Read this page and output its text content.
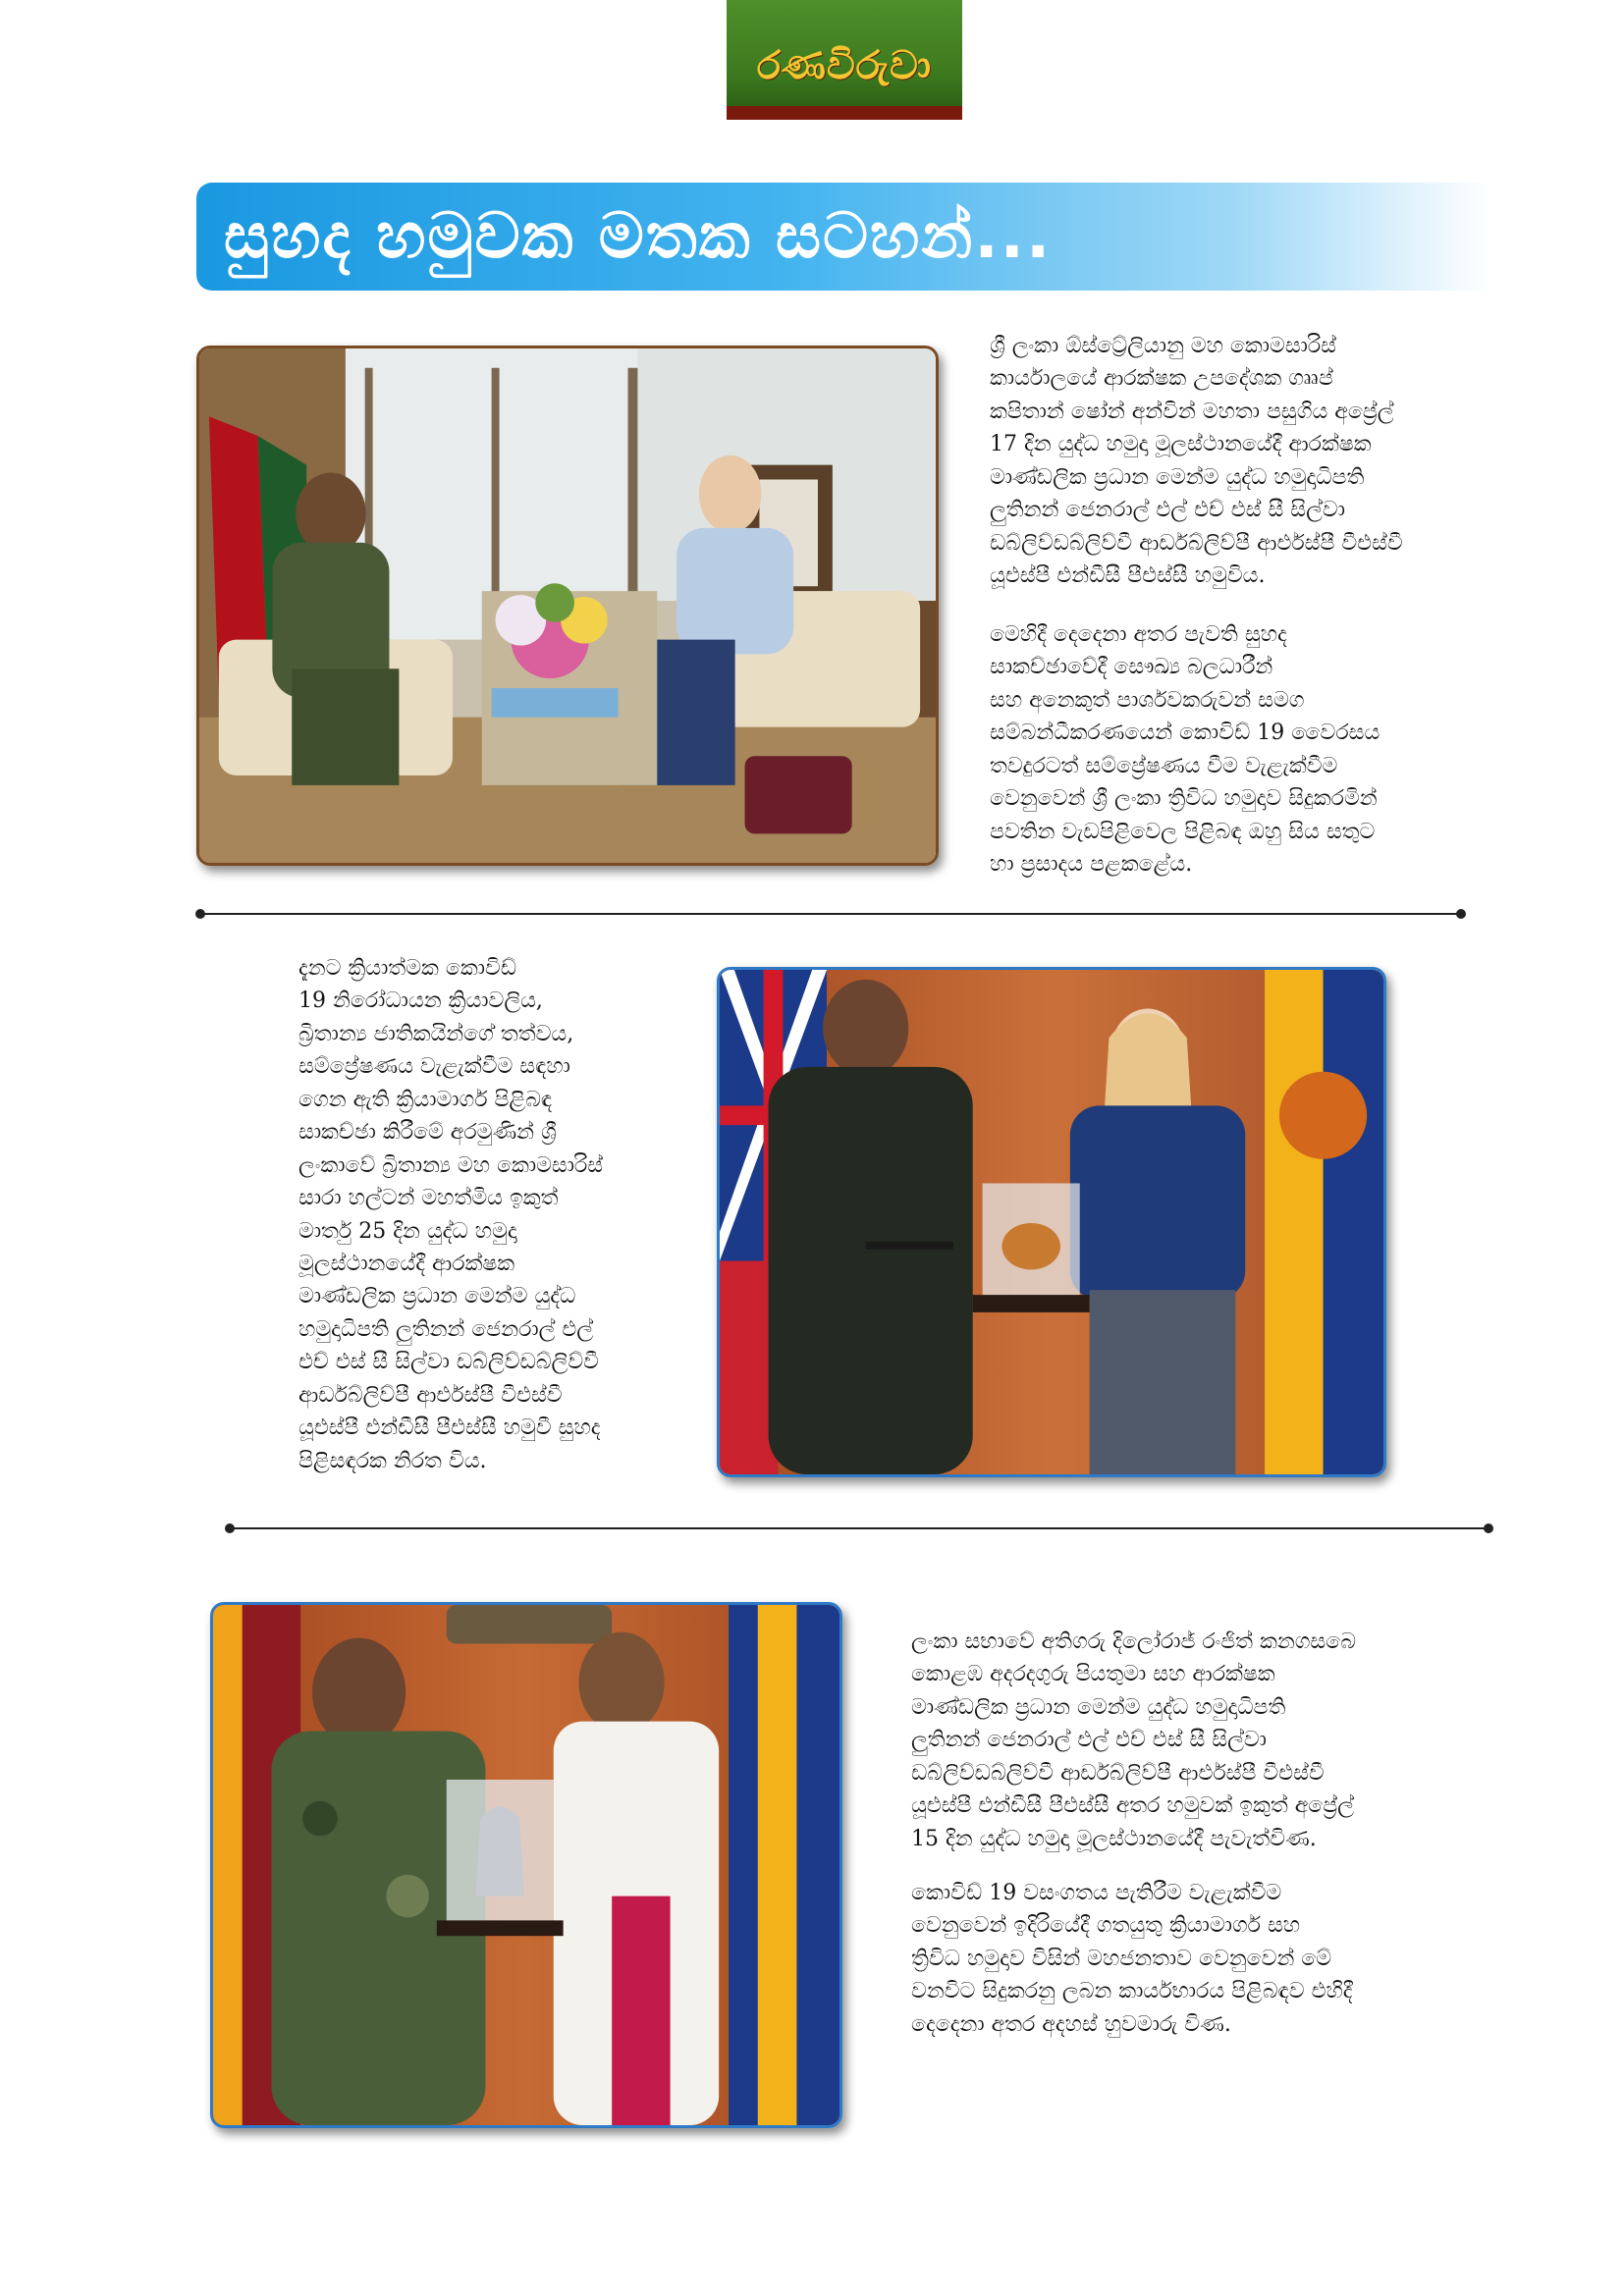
රණවිරුවා
සුහද හමුවක මතක සටහන්...
ශ්‍රී ලංකා ඕස්ට්‍රේලියානු මහ කොමසාරිස්
කාර්යාලයේ ආරක්ෂක උපදේශක ගෲප්
කපිතාන් ෂෝන් අන්වින් මහතා පසුගිය අප්‍රේල්
17 දින යුද්ධ හමුදා මූලස්ථානයේදී ආරක්ෂක
මාණ්ඩලික ප්‍රධාන මෙන්ම යුද්ධ හමුදාධිපති
ලුතිනන් ජෙනරාල් එල් එච් එස් සී සිල්වා
ඩබ්ලිව්ඩබ්ලිව්වී ආර්ඩබ්ලිව්පී ආර්එස්පී වීඑස්වී
යූඑස්පී එන්ඩීසී පීඑස්සී හමුවිය.
මෙහිදී දෙදෙනා අතර පැවති සුහද
සාකච්ඡාවේදී සෞඛ්‍ය බලධාරීන්
සහ අනෙකුත් පාර්ශවකරුවන් සමග
සම්බන්ධීකරණයෙන් කොවිඩ් 19 වෛරසය
තවදුරටත් සම්ප්‍රේෂණය වීම වැළැක්වීම
වෙනුවෙන් ශ්‍රී ලංකා ත්‍රිවිධ හමුදාව සිදුකරමින්
පවතින වැඩපිළිවෙල පිළිබඳ ඔහු සිය සතුට
හා ප්‍රසාදය පළකළේය.
දැනට ක්‍රියාත්මක කොවිඩ්
19 නිරෝධායන ක්‍රියාවලිය,
බ්‍රිතාන්‍ය ජාතිකයින්ගේ තත්වය,
සම්ප්‍රේෂණය වැළැක්වීම සඳහා
ගෙන ඇති ක්‍රියාමාර්ග පිළිබඳ
සාකච්ඡා කිරීමේ අරමුණින් ශ්‍රී
ලංකාවේ බ්‍රිතාන්‍ය මහ කොමසාරිස්
සාරා හල්ටන් මහත්මිය ඉකුත්
මාර්තු 25 දින යුද්ධ හමුදා
මූලස්ථානයේදී ආරක්ෂක
මාණ්ඩලික ප්‍රධාන මෙන්ම යුද්ධ
හමුදාධිපති ලුතිනන් ජෙනරාල් එල්
එච් එස් සී සිල්වා ඩබ්ලිව්ඩබ්ලිව්වී
ආර්ඩබ්ලිව්පී ආර්එස්පී වීඑස්වී
යූඑස්පී එන්ඩීසී පීඑස්සී හමුවී සුහද
පිළිසඳරක නිරත විය.
ලංකා සභාවේ අතිගරු දිලෝරාජ් රංජිත් කනගසබෙ
කොළඹ අදරදගුරු පියතුමා සහ ආරක්ෂක
මාණ්ඩලික ප්‍රධාන මෙන්ම යුද්ධ හමුදාධිපති
ලුතිනන් ජෙනරාල් එල් එච් එස් සී සිල්වා
ඩබ්ලිව්ඩබ්ලිව්වී ආර්ඩබ්ලිව්පී ආර්එස්පී වීඑස්වී
යූඑස්පී එන්ඩීසී පීඑස්සී අතර හමුවක් ඉකුත් අප්‍රේල්
15 දින යුද්ධ හමුදා මූලස්ථානයේදී පැවැත්විණ.
කොවිඩ් 19 වසංගතය පැතිරීම වැළැක්වීම
වෙනුවෙන් ඉදිරියේදී ගතයුතු ක්‍රියාමාර්ග සහ
ත්‍රිවිධ හමුදාව විසින් මහජනතාව වෙනුවෙන් මේ
වනවිට සිදුකරනු ලබන කාර්යභාරය පිළිබඳව එහිදී
දෙදෙනා අතර අදහස් හුවමාරු විණ.
